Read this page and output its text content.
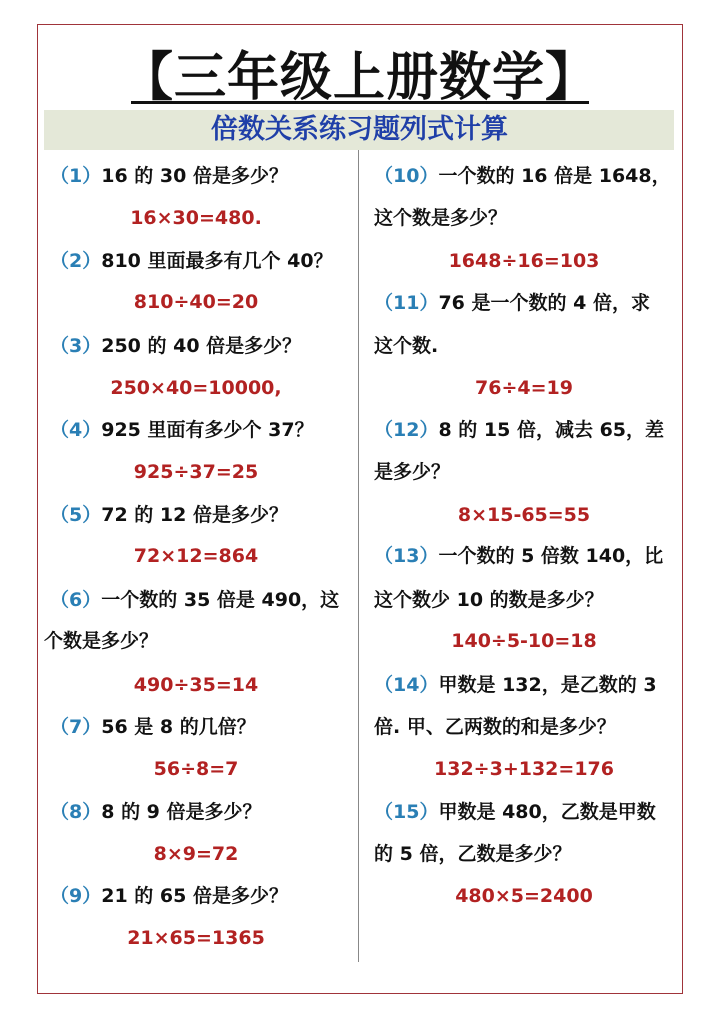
【三年级上册数学】
倍数关系练习题列式计算
（1）16 的 30 倍是多少？
16×30=480.
（2）810 里面最多有几个 40？
810÷40=20
（3）250 的 40 倍是多少？
250×40=10000,
（4）925 里面有多少个 37？
925÷37=25
（5）72 的 12 倍是多少？
72×12=864
（6）一个数的 35 倍是 490，这
个数是多少？
490÷35=14
（7）56 是 8 的几倍？
56÷8=7
（8）8 的 9 倍是多少？
8×9=72
（9）21 的 65 倍是多少？
21×65=1365
（10）一个数的 16 倍是 1648，
这个数是多少？
1648÷16=103
（11）76 是一个数的 4 倍，求
这个数.
76÷4=19
（12）8 的 15 倍，减去 65，差
是多少？
8×15-65=55
（13）一个数的 5 倍数 140，比
这个数少 10 的数是多少？
140÷5-10=18
（14）甲数是 132，是乙数的 3
倍. 甲、乙两数的和是多少？
132÷3+132=176
（15）甲数是 480，乙数是甲数
的 5 倍，乙数是多少？
480×5=2400
